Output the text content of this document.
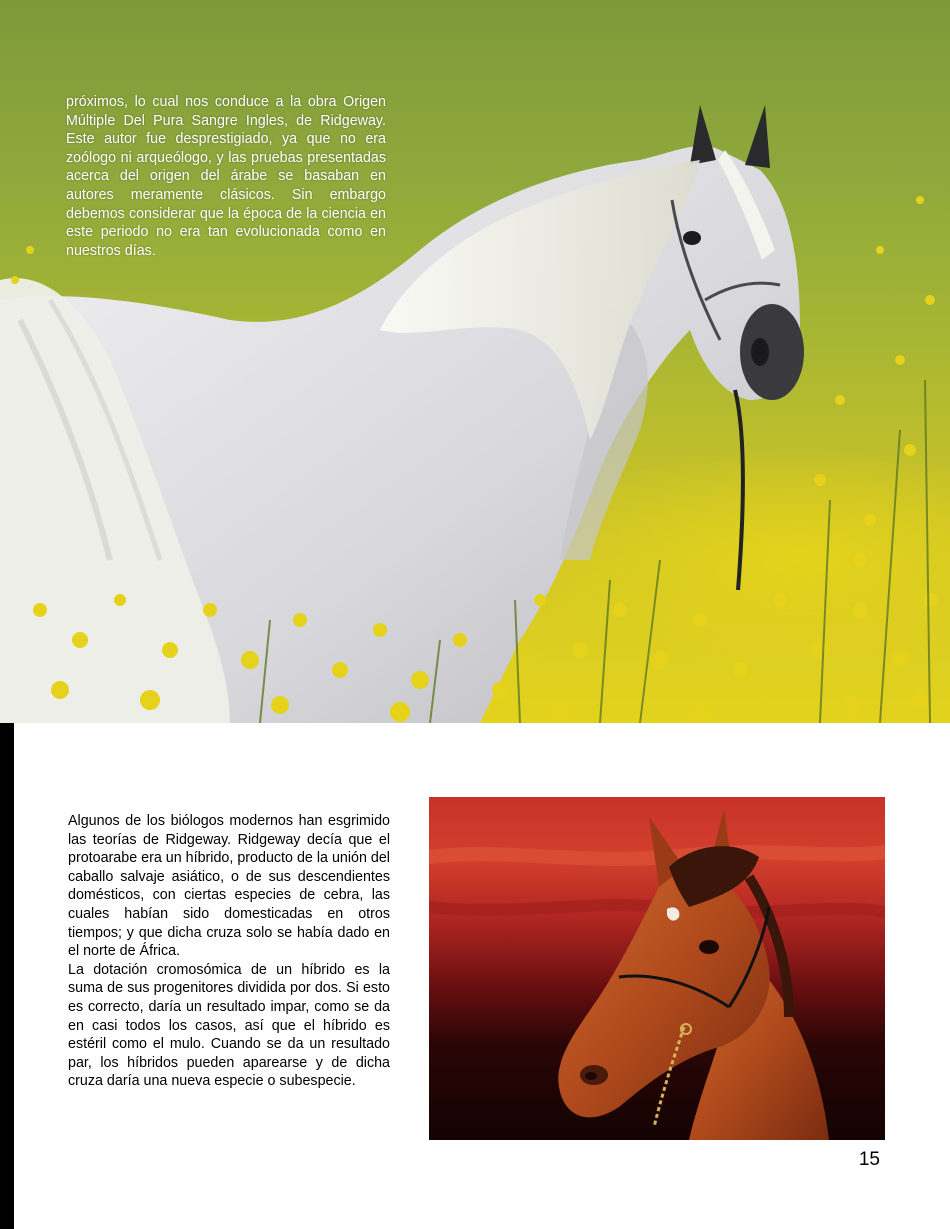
próximos, lo cual nos conduce a la obra Origen Múltiple Del Pura Sangre Ingles, de Ridgeway. Este autor fue desprestigiado, ya que no era zoólogo ni arqueólogo, y las pruebas presentadas acerca del origen del árabe se basaban en autores meramente clásicos. Sin embargo debemos considerar que la época de la ciencia en este periodo no era tan evolucionada como en nuestros días.

Algunos de los biólogos modernos han esgrimido las teorías de Ridgeway. Ridgeway decía que el protoarabe era un híbrido, producto de la unión del caballo salvaje asiático, o de sus descendientes domésticos, con ciertas especies de cebra, las cuales habían sido domesticadas en otros tiempos; y que dicha cruza solo se había dado en el norte de África.

La dotación cromosómica de un híbrido es la suma de sus progenitores dividida por dos. Si esto es correcto, daría un resultado impar, como se da en casi todos los casos, así que el híbrido es estéril como el mulo. Cuando se da un resultado par, los híbridos pueden aparearse y de dicha cruza daría una nueva especie o subespecie.

15
